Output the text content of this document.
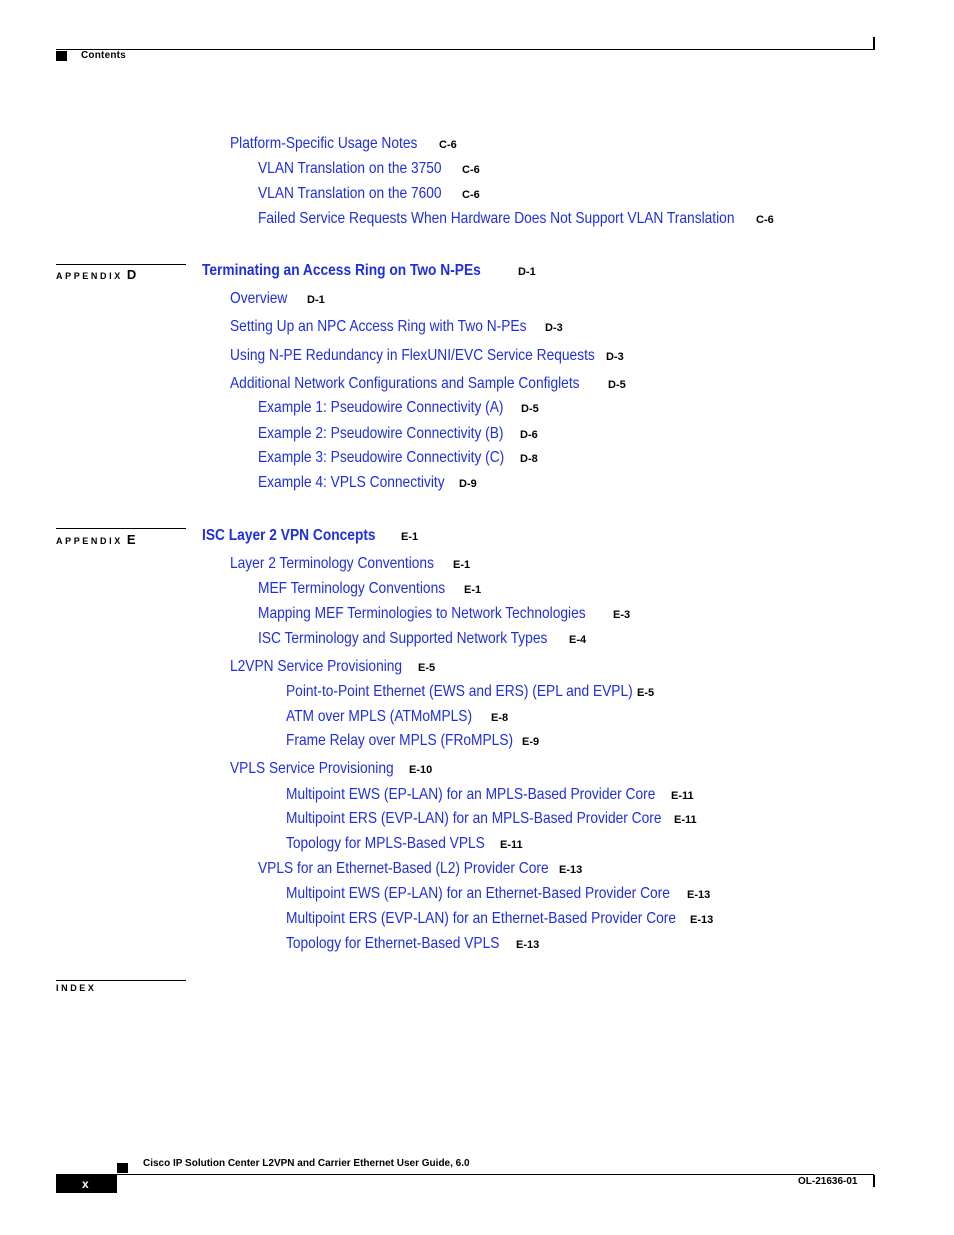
Contents
APPENDIX D
APPENDIX E
INDEX
Platform-Specific Usage Notes C-6
VLAN Translation on the 3750 C-6
VLAN Translation on the 7600 C-6
Failed Service Requests When Hardware Does Not Support VLAN Translation C-6
Terminating an Access Ring on Two N-PEs	D-1
Overview D-1
Setting Up an NPC Access Ring with Two N-PEs D-3
Using N-PE Redundancy in FlexUNI/EVC Service Requests D-3
Additional Network Configurations and Sample Configlets	D-5
Example 1: Pseudowire Connectivity (A) D-5
Example 2: Pseudowire Connectivity (B) D-6
Example 3: Pseudowire Connectivity (C) D-8
Example 4: VPLS Connectivity D-9
ISC Layer 2 VPN Concepts E-1
Layer 2 Terminology Conventions E-1
MEF Terminology Conventions E-1
Mapping MEF Terminologies to Network Technologies E-3
ISC Terminology and Supported Network Types E-4
L2VPN Service Provisioning E-5
Point-to-Point Ethernet (EWS and ERS) (EPL and EVPL) E-5
ATM over MPLS (ATMoMPLS) E-8
Frame Relay over MPLS (FRoMPLS) E-9
VPLS Service Provisioning E-10
Multipoint EWS (EP-LAN) for an MPLS-Based Provider Core E-11
Multipoint ERS (EVP-LAN) for an MPLS-Based Provider Core E-11
Topology for MPLS-Based VPLS E-11
VPLS for an Ethernet-Based (L2) Provider Core E-13
Multipoint EWS (EP-LAN) for an Ethernet-Based Provider Core E-13
Multipoint ERS (EVP-LAN) for an Ethernet-Based Provider Core E-13
Topology for Ethernet-Based VPLS E-13
Cisco IP Solution Center L2VPN and Carrier Ethernet User Guide, 6.0
x	OL-21636-01
